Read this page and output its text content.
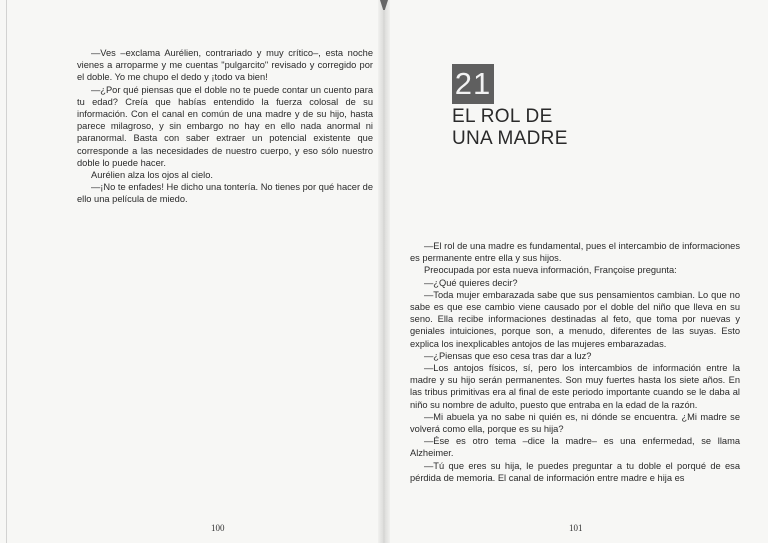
—Ves –exclama Aurélien, contrariado y muy crítico–, esta noche vienes a arroparme y me cuentas "pulgarcito" revisado y corregido por el doble. Yo me chupo el dedo y ¡todo va bien!

—¿Por qué piensas que el doble no te puede contar un cuento para tu edad? Creía que habías entendido la fuerza colosal de su información. Con el canal en común de una madre y de su hijo, hasta parece milagroso, y sin embargo no hay en ello nada anormal ni paranormal. Basta con saber extraer un potencial existente que corresponde a las necesidades de nuestro cuerpo, y eso sólo nuestro doble lo puede hacer.

Aurélien alza los ojos al cielo.

—¡No te enfades! He dicho una tontería. No tienes por qué hacer de ello una película de miedo.

100
21
EL ROL DE
UNA MADRE

—El rol de una madre es fundamental, pues el intercambio de informaciones es permanente entre ella y sus hijos.

Preocupada por esta nueva información, Françoise pregunta:

—¿Qué quieres decir?

—Toda mujer embarazada sabe que sus pensamientos cambian. Lo que no sabe es que ese cambio viene causado por el doble del niño que lleva en su seno. Ella recibe informaciones destinadas al feto, que toma por nuevas y geniales intuiciones, porque son, a menudo, diferentes de las suyas. Esto explica los inexplicables antojos de las mujeres embarazadas.

—¿Piensas que eso cesa tras dar a luz?

—Los antojos físicos, sí, pero los intercambios de información entre la madre y su hijo serán permanentes. Son muy fuertes hasta los siete años. En las tribus primitivas era al final de este periodo importante cuando se le daba al niño su nombre de adulto, puesto que entraba en la edad de la razón.

—Mi abuela ya no sabe ni quién es, ni dónde se encuentra. ¿Mi madre se volverá como ella, porque es su hija?

—Ése es otro tema –dice la madre– es una enfermedad, se llama Alzheimer.

—Tú que eres su hija, le puedes preguntar a tu doble el porqué de esa pérdida de memoria. El canal de información entre madre e hija es

101
